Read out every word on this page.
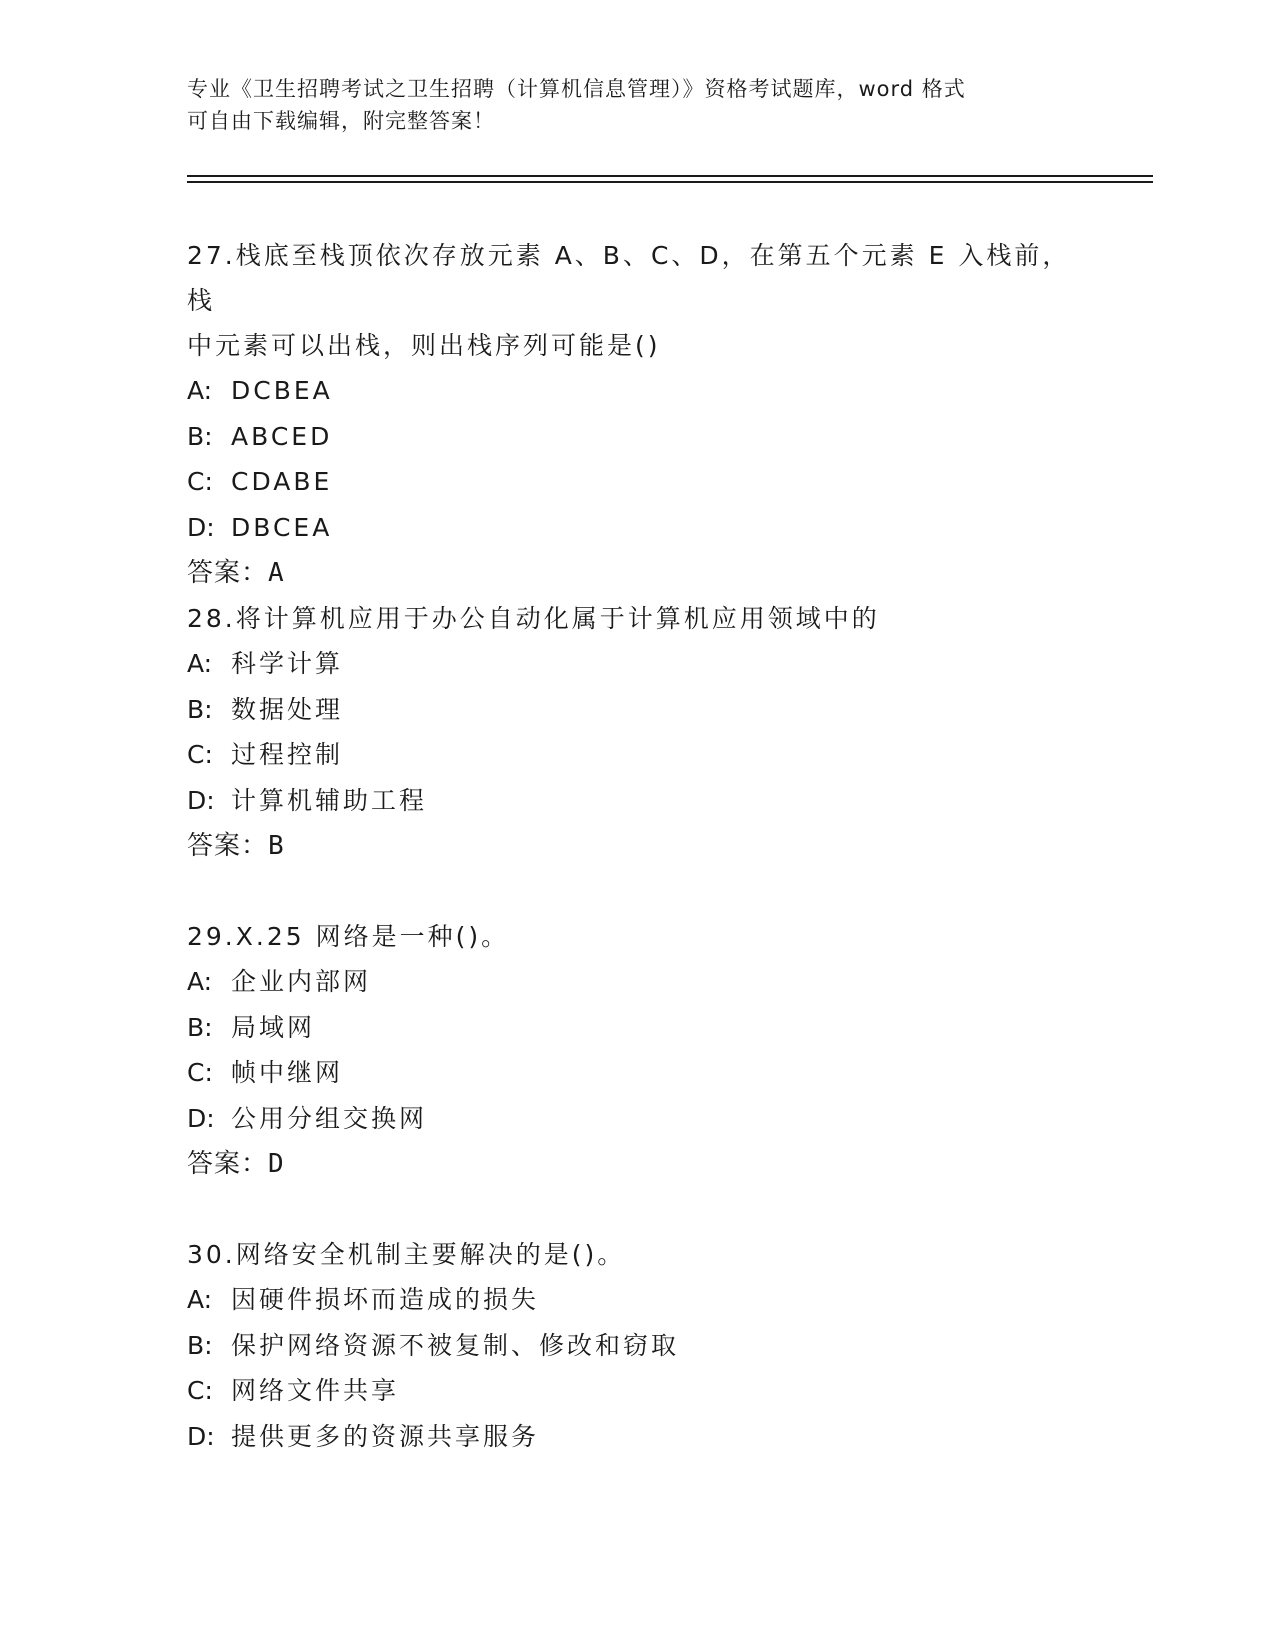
专业《卫生招聘考试之卫生招聘（计算机信息管理）》资格考试题库，word 格式
可自由下载编辑，附完整答案！

27.栈底至栈顶依次存放元素 A、B、C、D，在第五个元素 E 入栈前，栈
中元素可以出栈，则出栈序列可能是()

A: DCBEA

B: ABCED

C: CDABE

D: DBCEA

答案：A

28.将计算机应用于办公自动化属于计算机应用领域中的

A: 科学计算

B: 数据处理

C: 过程控制

D: 计算机辅助工程

答案：B

29.X.25 网络是一种()。

A: 企业内部网

B: 局域网

C: 帧中继网

D: 公用分组交换网

答案：D

30.网络安全机制主要解决的是()。

A: 因硬件损坏而造成的损失

B: 保护网络资源不被复制、修改和窃取

C: 网络文件共享

D: 提供更多的资源共享服务
